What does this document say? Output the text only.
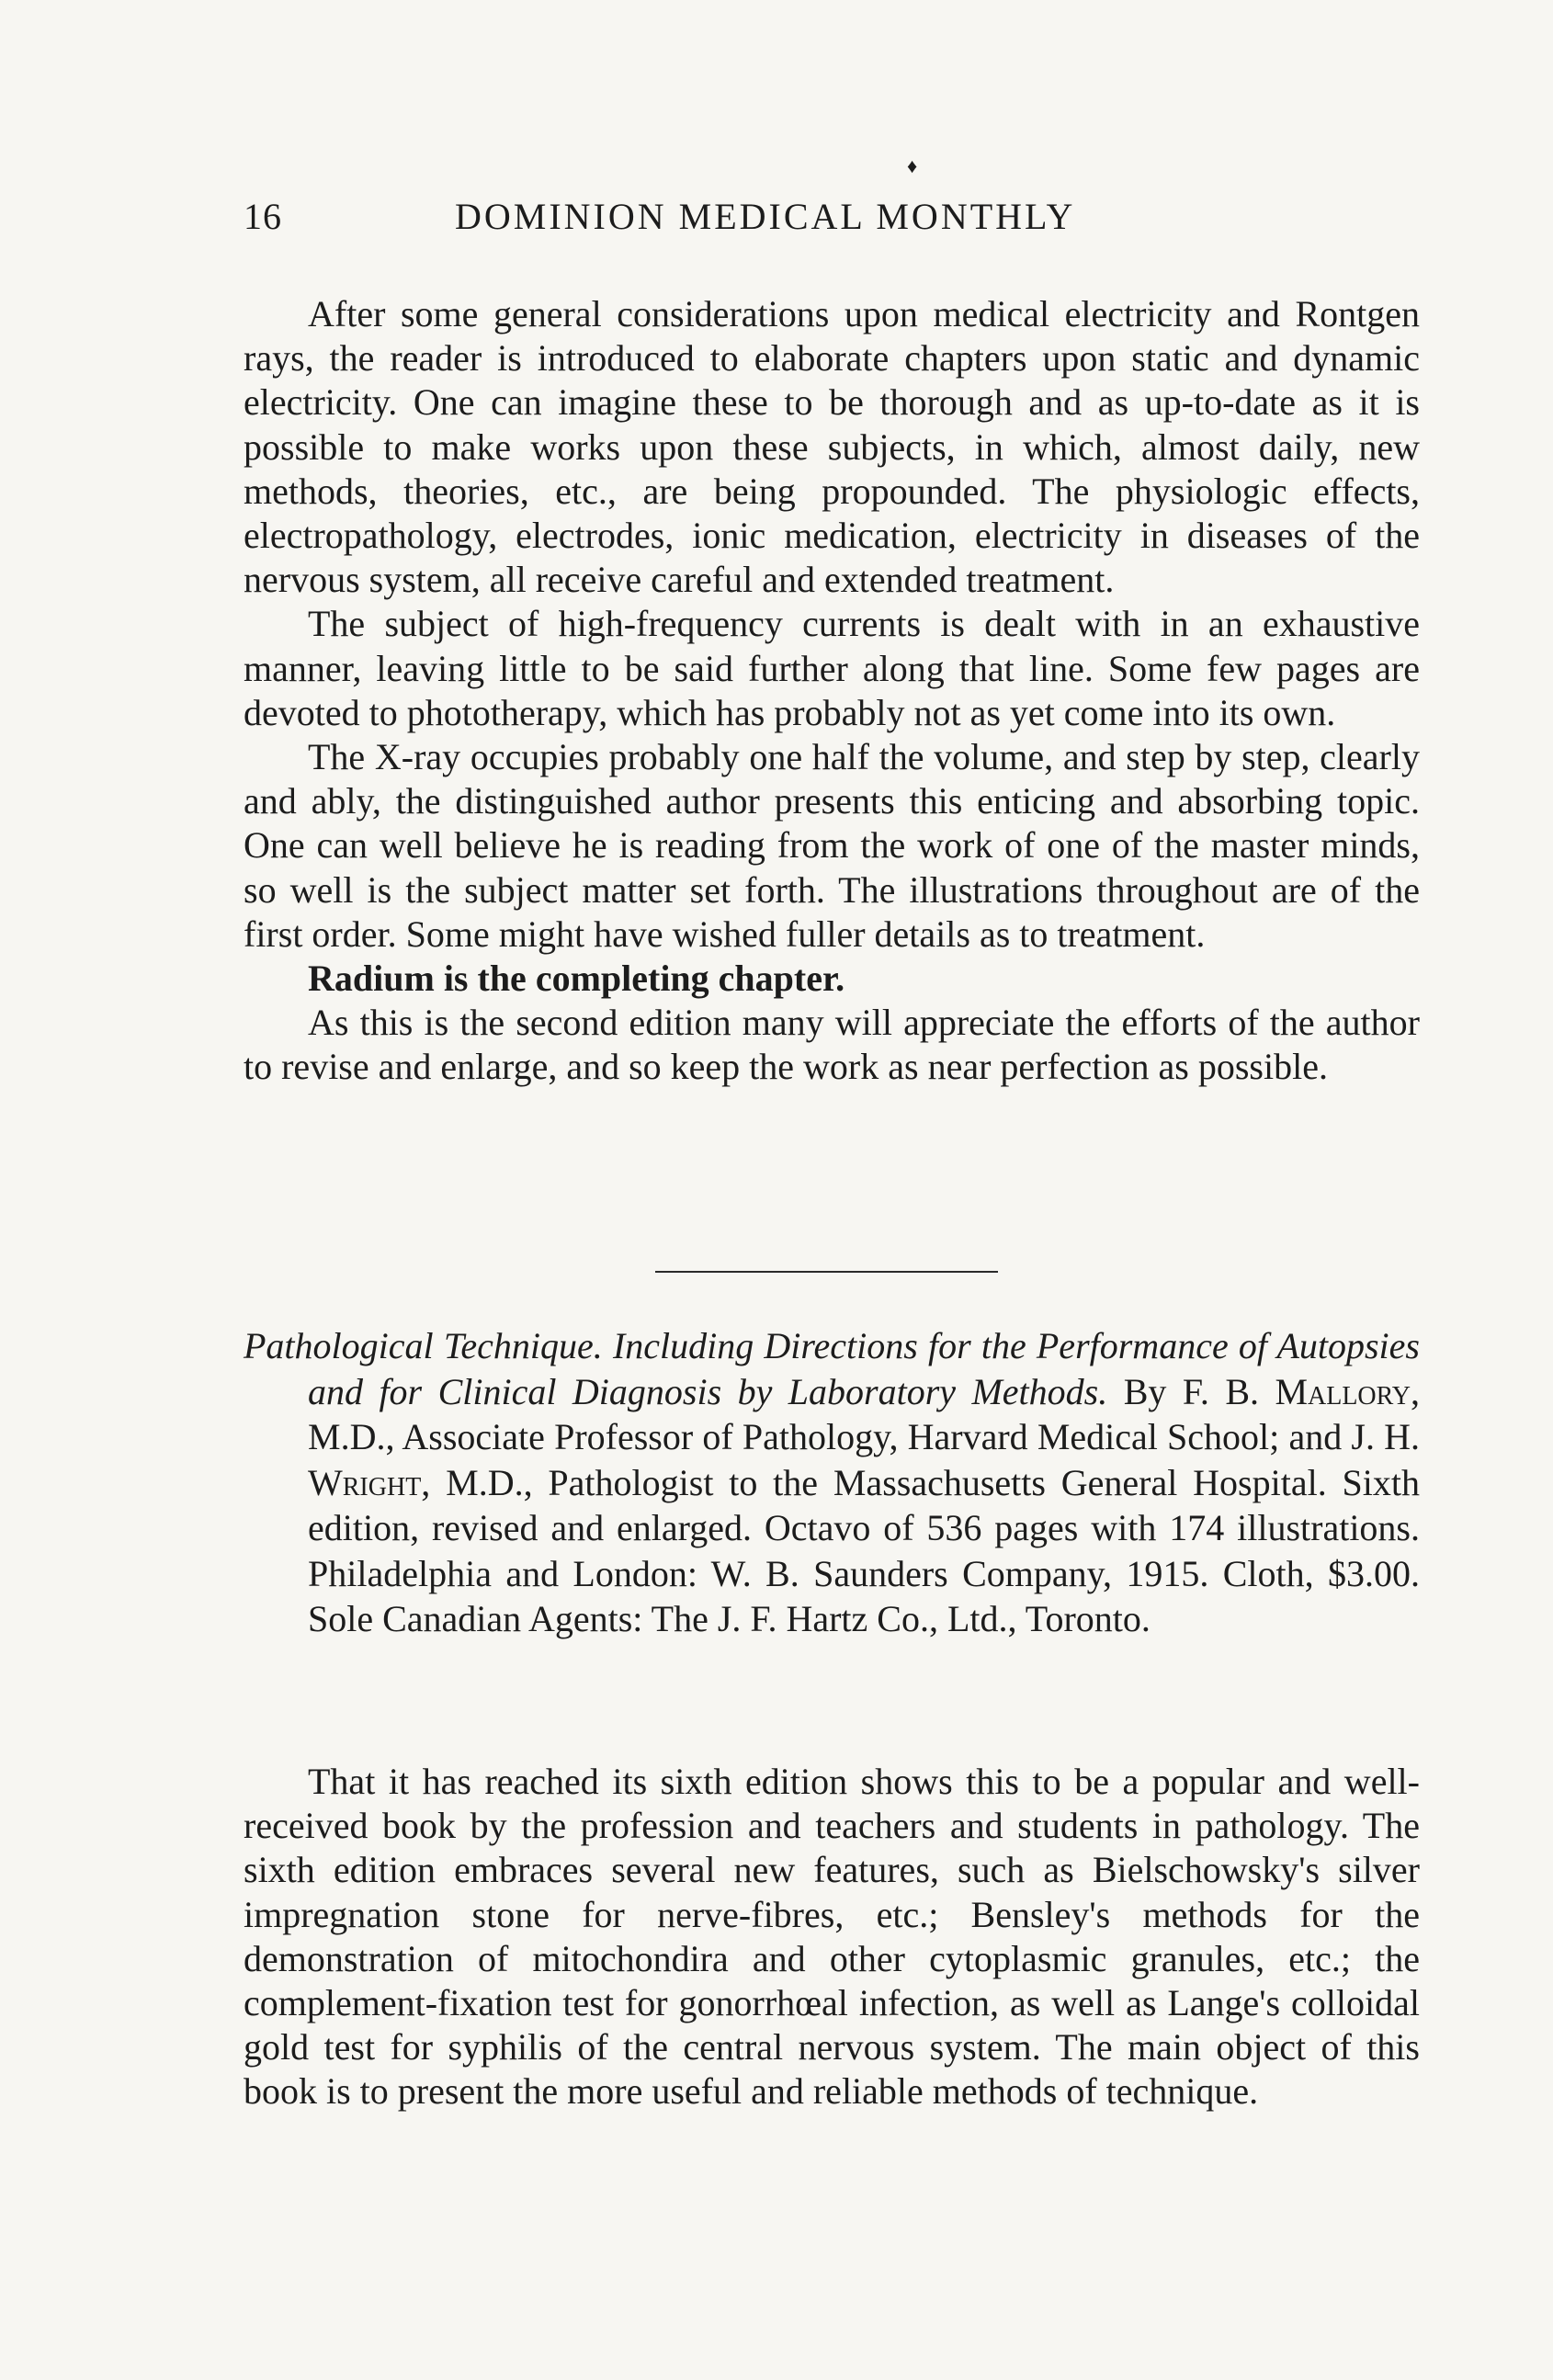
♦
16	DOMINION MEDICAL MONTHLY

After some general considerations upon medical electricity and Rontgen rays, the reader is introduced to elaborate chapters upon static and dynamic electricity. One can imagine these to be thorough and as up-to-date as it is possible to make works upon these subjects, in which, almost daily, new methods, theories, etc., are being propounded. The physiologic effects, electropathology, electrodes, ionic medication, electricity in diseases of the nervous system, all receive careful and extended treatment.

The subject of high-frequency currents is dealt with in an exhaustive manner, leaving little to be said further along that line. Some few pages are devoted to phototherapy, which has probably not as yet come into its own.

The X-ray occupies probably one half the volume, and step by step, clearly and ably, the distinguished author presents this enticing and absorbing topic. One can well believe he is reading from the work of one of the master minds, so well is the subject matter set forth. The illustrations throughout are of the first order. Some might have wished fuller details as to treatment.

Radium is the completing chapter.

As this is the second edition many will appreciate the efforts of the author to revise and enlarge, and so keep the work as near perfection as possible.

Pathological Technique. Including Directions for the Performance of Autopsies and for Clinical Diagnosis by Laboratory Methods. By F. B. Mallory, M.D., Associate Professor of Pathology, Harvard Medical School; and J. H. Wright, M.D., Pathologist to the Massachusetts General Hospital. Sixth edition, revised and enlarged. Octavo of 536 pages with 174 illustrations. Philadelphia and London: W. B. Saunders Company, 1915. Cloth, $3.00. Sole Canadian Agents: The J. F. Hartz Co., Ltd., Toronto.

That it has reached its sixth edition shows this to be a popular and well-received book by the profession and teachers and students in pathology. The sixth edition embraces several new features, such as Bielschowsky's silver impregnation stone for nerve-fibres, etc.; Bensley's methods for the demonstration of mitochondira and other cytoplasmic granules, etc.; the complement-fixation test for gonorrhœal infection, as well as Lange's colloidal gold test for syphilis of the central nervous system. The main object of this book is to present the more useful and reliable methods of technique.
